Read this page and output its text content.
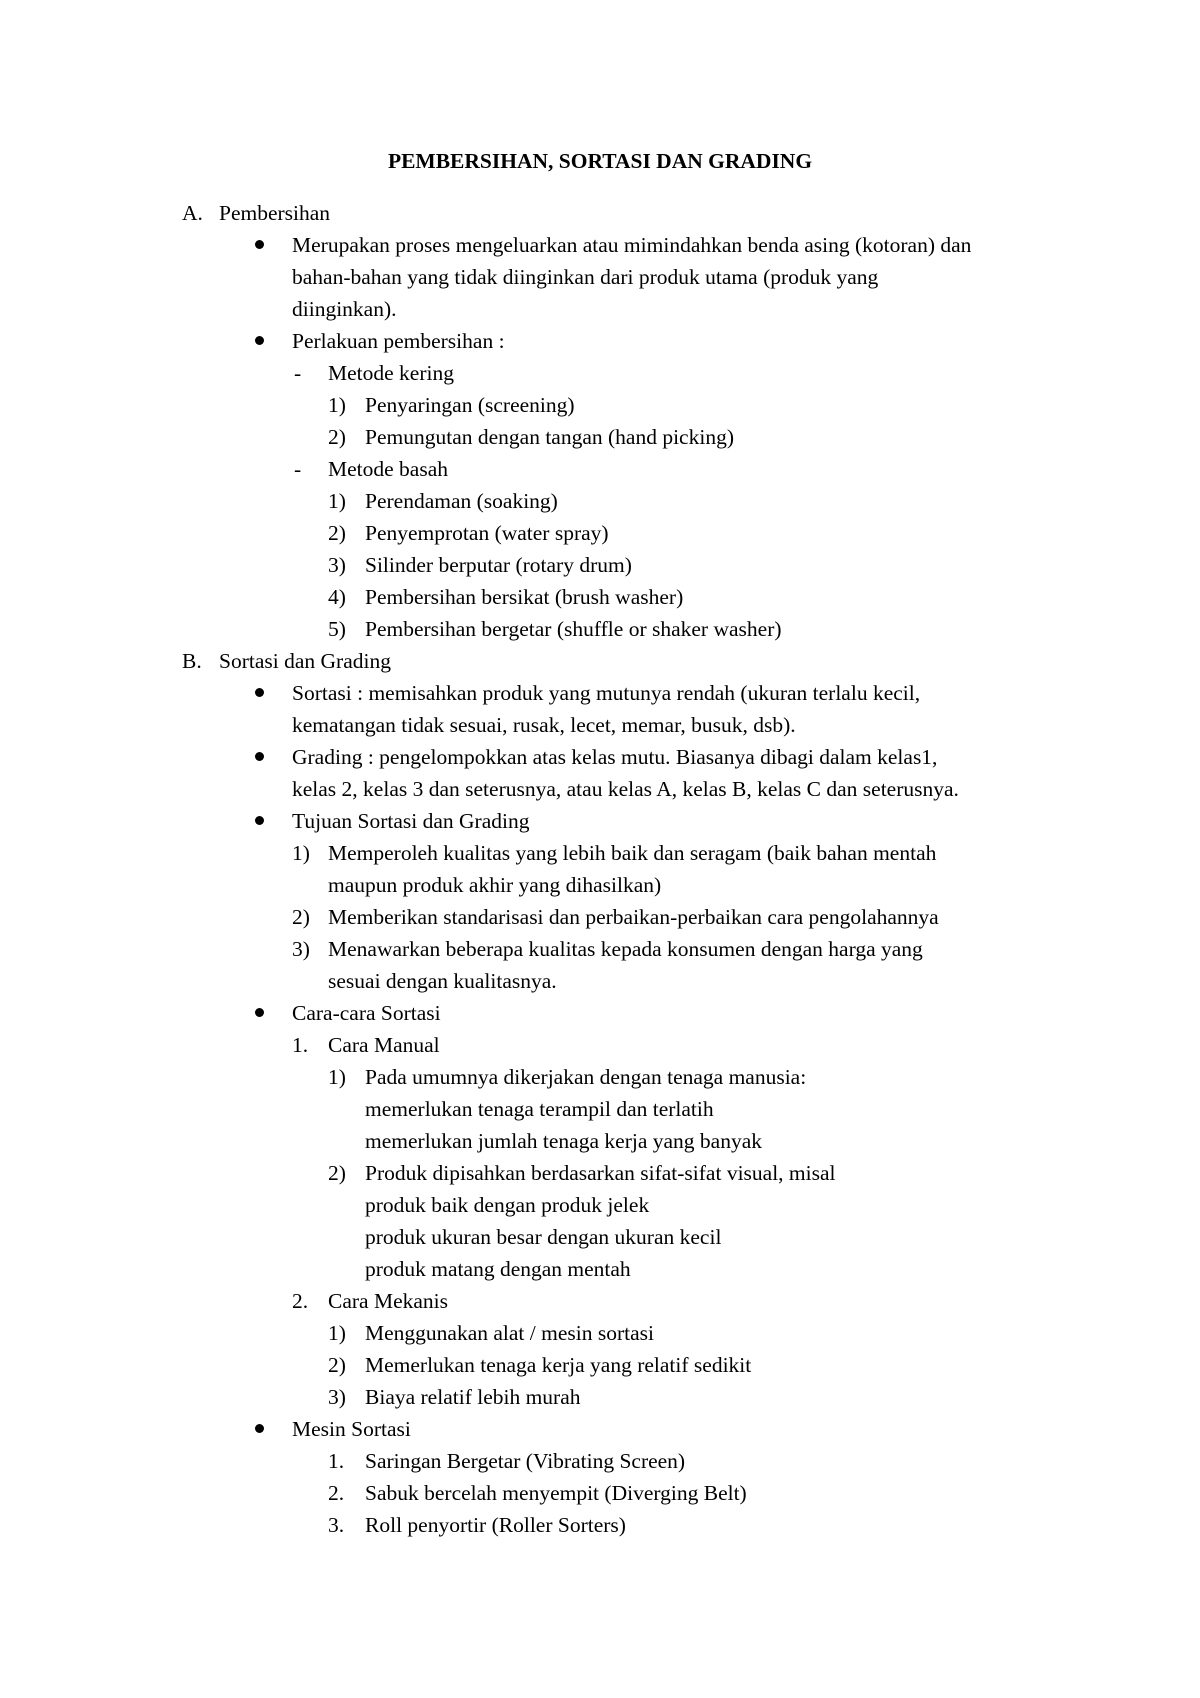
PEMBERSIHAN, SORTASI DAN GRADING
A. Pembersihan
Merupakan proses mengeluarkan atau mimindahkan benda asing (kotoran) dan
bahan-bahan yang tidak diinginkan dari produk utama (produk yang
diinginkan).
Perlakuan pembersihan :
- Metode kering
1) Penyaringan (screening)
2) Pemungutan dengan tangan (hand picking)
- Metode basah
1) Perendaman (soaking)
2) Penyemprotan (water spray)
3) Silinder berputar (rotary drum)
4) Pembersihan bersikat (brush washer)
5) Pembersihan bergetar (shuffle or shaker washer)
B. Sortasi dan Grading
Sortasi : memisahkan produk yang mutunya rendah (ukuran terlalu kecil,
kematangan tidak sesuai, rusak, lecet, memar, busuk, dsb).
Grading : pengelompokkan atas kelas mutu. Biasanya dibagi dalam kelas1,
kelas 2, kelas 3 dan seterusnya, atau kelas A, kelas B, kelas C dan seterusnya.
Tujuan Sortasi dan Grading
1) Memperoleh kualitas yang lebih baik dan seragam (baik bahan mentah
maupun produk akhir yang dihasilkan)
2) Memberikan standarisasi dan perbaikan-perbaikan cara pengolahannya
3) Menawarkan beberapa kualitas kepada konsumen dengan harga yang
sesuai dengan kualitasnya.
Cara-cara Sortasi
1. Cara Manual
1) Pada umumnya dikerjakan dengan tenaga manusia:
memerlukan tenaga terampil dan terlatih
memerlukan jumlah tenaga kerja yang banyak
2) Produk dipisahkan berdasarkan sifat-sifat visual, misal
produk baik dengan produk jelek
produk ukuran besar dengan ukuran kecil
produk matang dengan mentah
2. Cara Mekanis
1) Menggunakan alat / mesin sortasi
2) Memerlukan tenaga kerja yang relatif sedikit
3) Biaya relatif lebih murah
Mesin Sortasi
1. Saringan Bergetar (Vibrating Screen)
2. Sabuk bercelah menyempit (Diverging Belt)
3. Roll penyortir (Roller Sorters)
